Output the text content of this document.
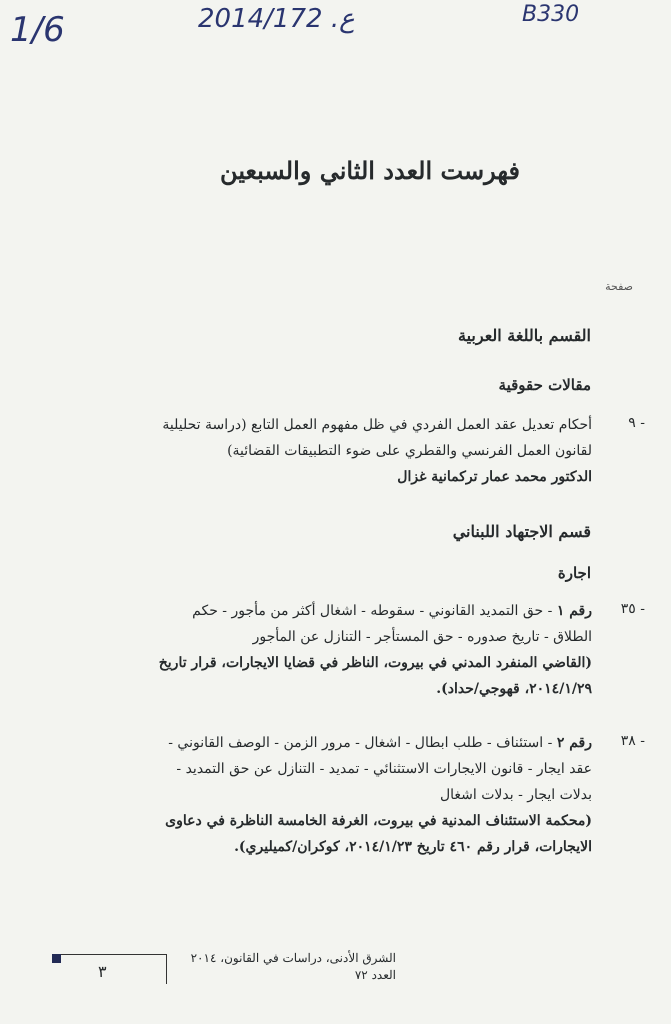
1/6	2014/172 .ع	B330
فهرست العدد الثاني والسبعين
صفحة
القسم باللغة العربية
مقالات حقوقية
٩ -
أحكام تعديل عقد العمل الفردي في ظل مفهوم العمل التابع (دراسة تحليلية
لقانون العمل الفرنسي والقطري على ضوء التطبيقات القضائية)
الدكتور محمد عمار تركمانية غزال
قسم الاجتهاد اللبناني
اجارة
٣٥ -
رقم ١ - حق التمديد القانوني - سقوطه - اشغال أكثر من مأجور - حكم
الطلاق - تاريخ صدوره - حق المستأجر - التنازل عن المأجور
(القاضي المنفرد المدني في بيروت، الناظر في قضايا الايجارات، قرار تاريخ
٢٠١٤/١/٢٩، قهوجي/حداد).
٣٨ -
رقم ٢ - استئناف - طلب ابطال - اشغال - مرور الزمن - الوصف القانوني -
عقد ايجار - قانون الايجارات الاستثنائي - تمديد - التنازل عن حق التمديد -
بدلات ايجار - بدلات اشغال
(محكمة الاستئناف المدنية في بيروت، الغرفة الخامسة الناظرة في دعاوى
الايجارات، قرار رقم ٤٦٠ تاريخ ٢٠١٤/١/٢٣، كوكران/كميليري).
٣
الشرق الأدنى، دراسات في القانون، ٢٠١٤
العدد ٧٢
